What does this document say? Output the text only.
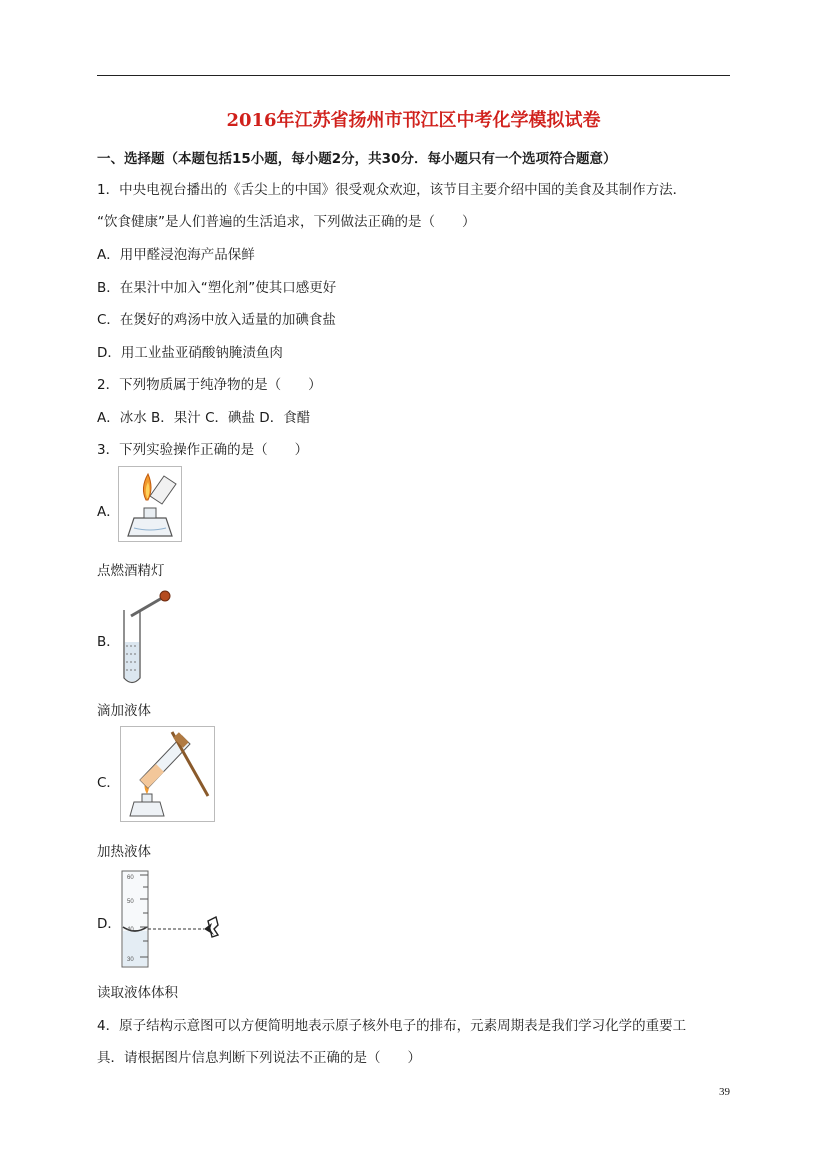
2016年江苏省扬州市邗江区中考化学模拟试卷
一、选择题（本题包括15小题，每小题2分，共30分．每小题只有一个选项符合题意）
1．中央电视台播出的《舌尖上的中国》很受观众欢迎，该节目主要介绍中国的美食及其制作方法．
“饮食健康”是人们普遍的生活追求，下列做法正确的是（　　）
A．用甲醛浸泡海产品保鲜
B．在果汁中加入“塑化剂”使其口感更好
C．在煲好的鸡汤中放入适量的加碘食盐
D．用工业盐亚硝酸钠腌渍鱼肉
2．下列物质属于纯净物的是（　　）
A．冰水 B．果汁 C．碘盐 D．食醋
3．下列实验操作正确的是（　　）
A．
点燃酒精灯
B．
滴加液体
C．
加热液体
D．
60
50
40
30
读取液体体积
4．原子结构示意图可以方便简明地表示原子核外电子的排布，元素周期表是我们学习化学的重要工
具．请根据图片信息判断下列说法不正确的是（　　）
39
